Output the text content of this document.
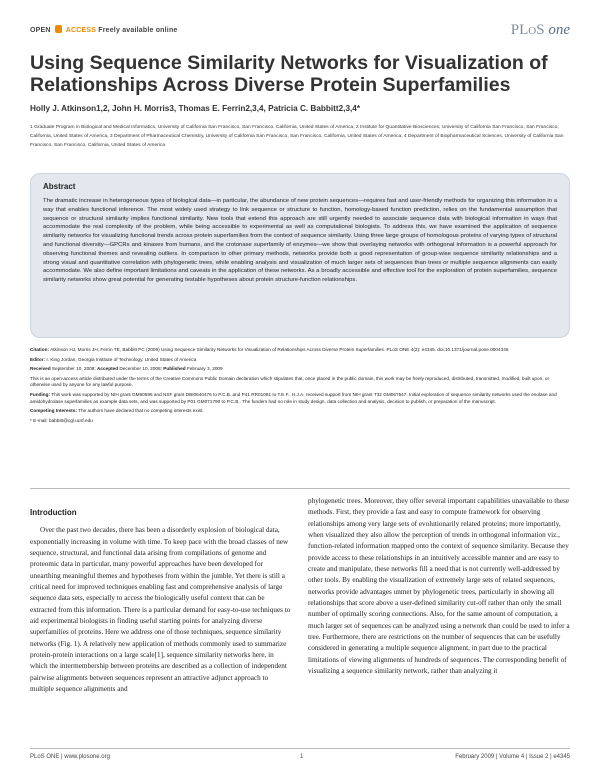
OPEN ACCESS Freely available online	PLoS one
Using Sequence Similarity Networks for Visualization of Relationships Across Diverse Protein Superfamilies
Holly J. Atkinson1,2, John H. Morris3, Thomas E. Ferrin2,3,4, Patricia C. Babbitt2,3,4*
1 Graduate Program in Biological and Medical Informatics, University of California San Francisco, San Francisco, California, United States of America, 2 Institute for Quantitative Biosciences, University of California San Francisco, San Francisco, California, United States of America, 3 Department of Pharmaceutical Chemistry, University of California San Francisco, San Francisco, California, United States of America, 4 Department of Biopharmaceutical Sciences, University of California San Francisco, San Francisco, California, United States of America
Abstract

The dramatic increase in heterogeneous types of biological data—in particular, the abundance of new protein sequences—requires fast and user-friendly methods for organizing this information in a way that enables functional inference. The most widely used strategy to link sequence or structure to function, homology-based function prediction, relies on the fundamental assumption that sequence or structural similarity implies functional similarity. New tools that extend this approach are still urgently needed to associate sequence data with biological information in ways that accommodate the real complexity of the problem, while being accessible to experimental as well as computational biologists. To address this, we have examined the application of sequence similarity networks for visualizing functional trends across protein superfamilies from the context of sequence similarity. Using three large groups of homologous proteins of varying types of structural and functional diversity—GPCRs and kinases from humans, and the crotonase superfamily of enzymes—we show that overlaying networks with orthogonal information is a powerful approach for observing functional themes and revealing outliers. In comparison to other primary methods, networks provide both a good representation of group-wise sequence similarity relationships and a strong visual and quantitative correlation with phylogenetic trees, while enabling analysis and visualization of much larger sets of sequences than trees or multiple sequence alignments can easily accommodate. We also define important limitations and caveats in the application of these networks. As a broadly accessible and effective tool for the exploration of protein superfamilies, sequence similarity networks show great potential for generating testable hypotheses about protein structure-function relationships.

Citation: Atkinson HJ, Morris JH, Ferrin TE, Babbitt PC (2009) Using Sequence Similarity Networks for Visualization of Relationships Across Diverse Protein Superfamilies. PLoS ONE 4(2): e4345. doi:10.1371/journal.pone.0004345
Editor: I. King Jordan, Georgia Institute of Technology, United States of America
Received September 10, 2008; Accepted December 10, 2008; Published February 3, 2009
This is an open-access article distributed under the terms of the Creative Commons Public Domain declaration which stipulates that, once placed in the public domain, this work may be freely reproduced, distributed, transmitted, modified, built upon, or otherwise used by anyone for any lawful purpose.
Funding: This work was supported by NIH grant GM60595 and NSF grant DBI0640476 to P.C.B. and P41 RR01081 to T.E.F.. H.J.A. received support from NIH grant T32 GM067547. Initial exploration of sequence similarity networks used the enolase and amidohydrolase superfamilies as example data sets, and was supported by P01 GM071790 to P.C.B.. The funders had no role in study design, data collection and analysis, decision to publish, or preparation of the manuscript.
Competing Interests: The authors have declared that no competing interests exist.
* E-mail: babbitt@cgl.ucsf.edu
Introduction

Over the past two decades, there has been a disorderly explosion of biological data, exponentially increasing in volume with time. To keep pace with the broad classes of new sequence, structural, and functional data arising from compilations of genome and proteomic data in particular, many powerful approaches have been developed for unearthing meaningful themes and hypotheses from within the jumble. Yet there is still a critical need for improved techniques enabling fast and comprehensive analysis of large sequence data sets, especially to access the biologically useful context that can be extracted from this information. There is a particular demand for easy-to-use techniques to aid experimental biologists in finding useful starting points for analyzing diverse superfamilies of proteins. Here we address one of those techniques, sequence similarity networks (Fig. 1). A relatively new application of methods commonly used to summarize protein-protein interactions on a large scale[1], sequence similarity networks here, in which the intermembership between proteins are described as a collection of independent pairwise alignments between sequences represent an attractive adjunct approach to multiple sequence alignments and

phylogenetic trees. Moreover, they offer several important capabilities unavailable to these methods. First, they provide a fast and easy to compute framework for observing relationships among very large sets of evolutionarily related proteins; more importantly, when visualized they also allow the perception of trends in orthogonal information viz., function-related information mapped onto the context of sequence similarity. Because they provide access to these relationships in an intuitively accessible manner and are easy to create and manipulate, these networks fill a need that is not currently well-addressed by other tools. By enabling the visualization of extremely large sets of related sequences, networks provide advantages unmet by phylogenetic trees, particularly in showing all relationships that score above a user-defined similarity cut-off rather than only the small number of optimally scoring connections. Also, for the same amount of computation, a much larger set of sequences can be analyzed using a network than could be used to infer a tree. Furthermore, there are restrictions on the number of sequences that can be usefully considered in generating a multiple sequence alignment, in part due to the practical limitations of viewing alignments of hundreds of sequences. The corresponding benefit of visualizing a sequence similarity network, rather than analyzing it

PLoS ONE | www.plosone.org	1	February 2009 | Volume 4 | Issue 2 | e4345
